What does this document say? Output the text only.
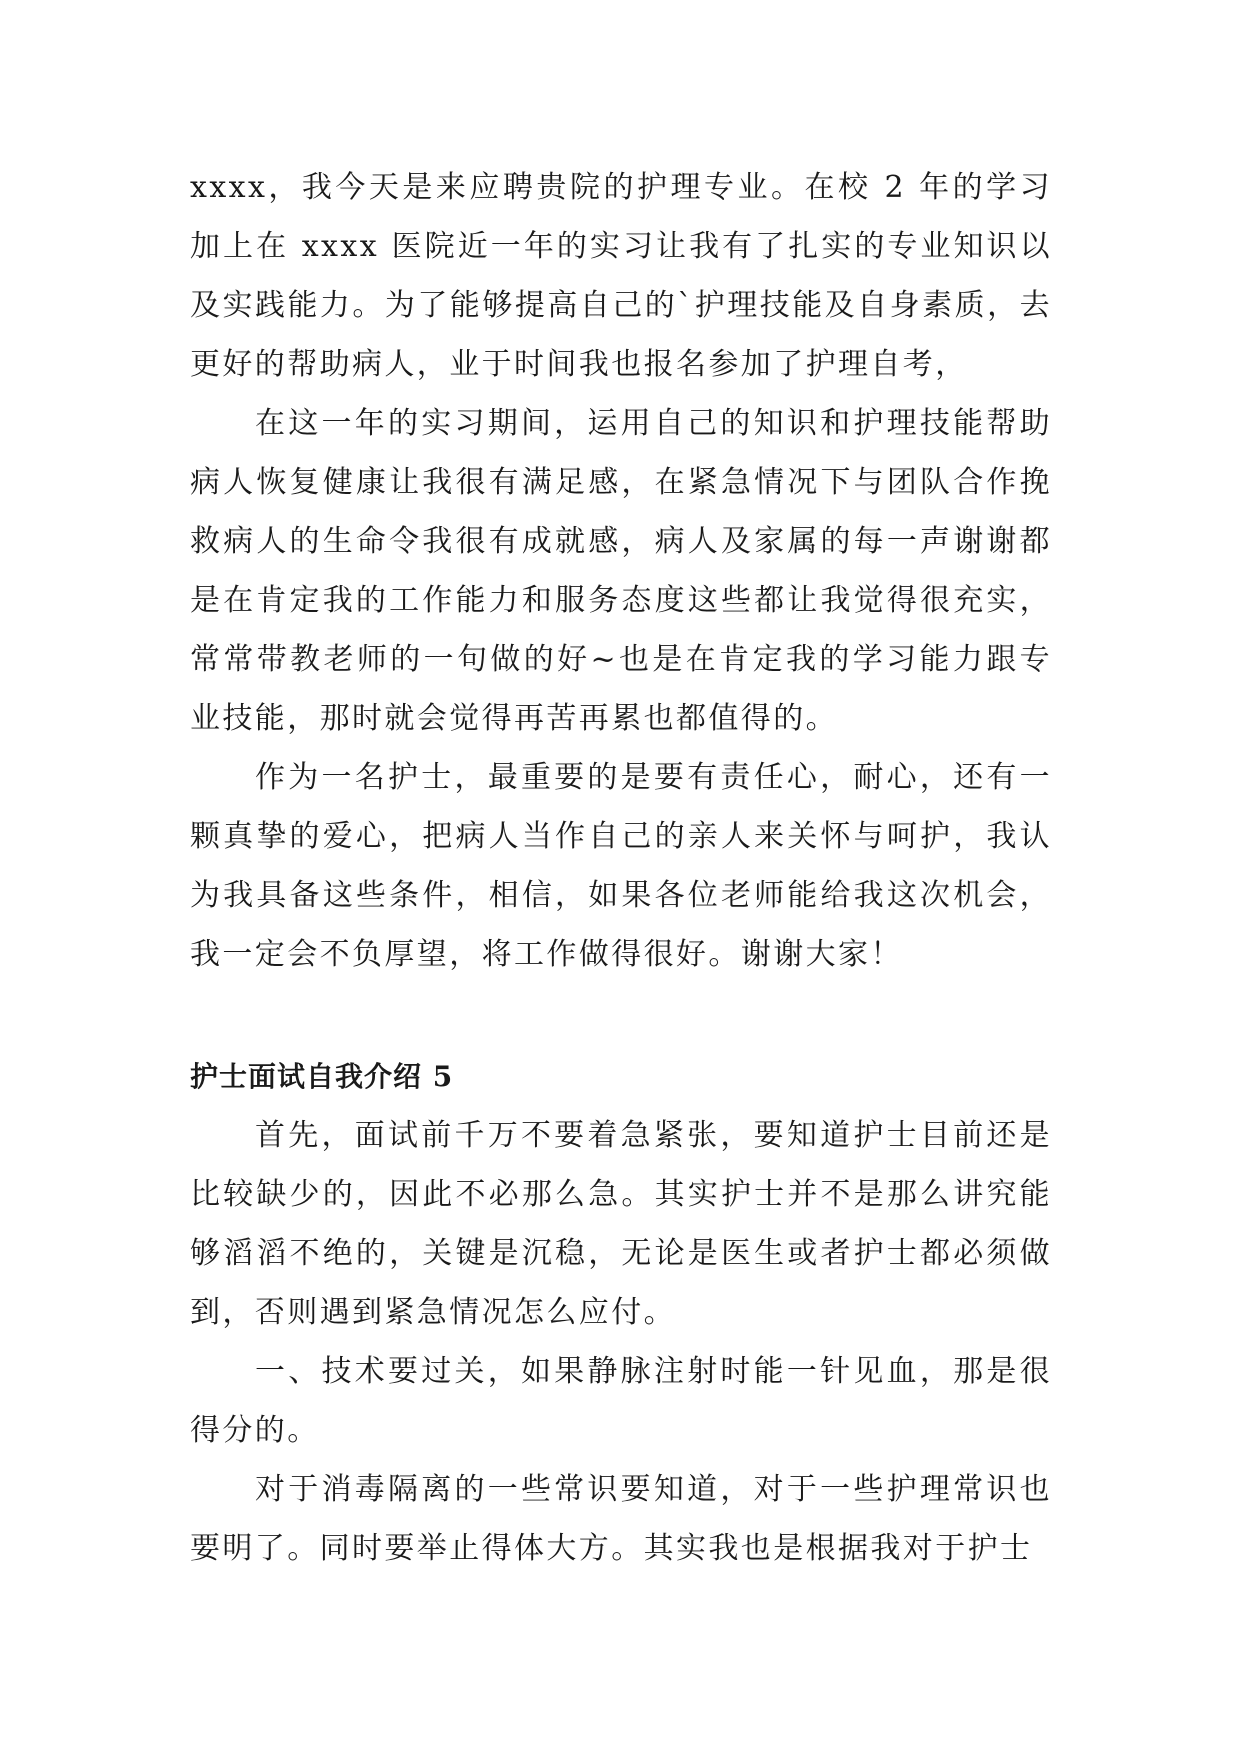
xxxx，我今天是来应聘贵院的护理专业。在校 2 年的学习加上在 xxxx 医院近一年的实习让我有了扎实的专业知识以及实践能力。为了能够提高自己的`护理技能及自身素质，去更好的帮助病人，业于时间我也报名参加了护理自考，

在这一年的实习期间，运用自己的知识和护理技能帮助病人恢复健康让我很有满足感，在紧急情况下与团队合作挽救病人的生命令我很有成就感，病人及家属的每一声谢谢都是在肯定我的工作能力和服务态度这些都让我觉得很充实，常常带教老师的一句做的好~也是在肯定我的学习能力跟专业技能，那时就会觉得再苦再累也都值得的。

作为一名护士，最重要的是要有责任心，耐心，还有一颗真挚的爱心，把病人当作自己的亲人来关怀与呵护，我认为我具备这些条件，相信，如果各位老师能给我这次机会，我一定会不负厚望，将工作做得很好。谢谢大家！

护士面试自我介绍 5

首先，面试前千万不要着急紧张，要知道护士目前还是比较缺少的，因此不必那么急。其实护士并不是那么讲究能够滔滔不绝的，关键是沉稳，无论是医生或者护士都必须做到，否则遇到紧急情况怎么应付。

一、技术要过关，如果静脉注射时能一针见血，那是很得分的。

对于消毒隔离的一些常识要知道，对于一些护理常识也要明了。同时要举止得体大方。其实我也是根据我对于护士
